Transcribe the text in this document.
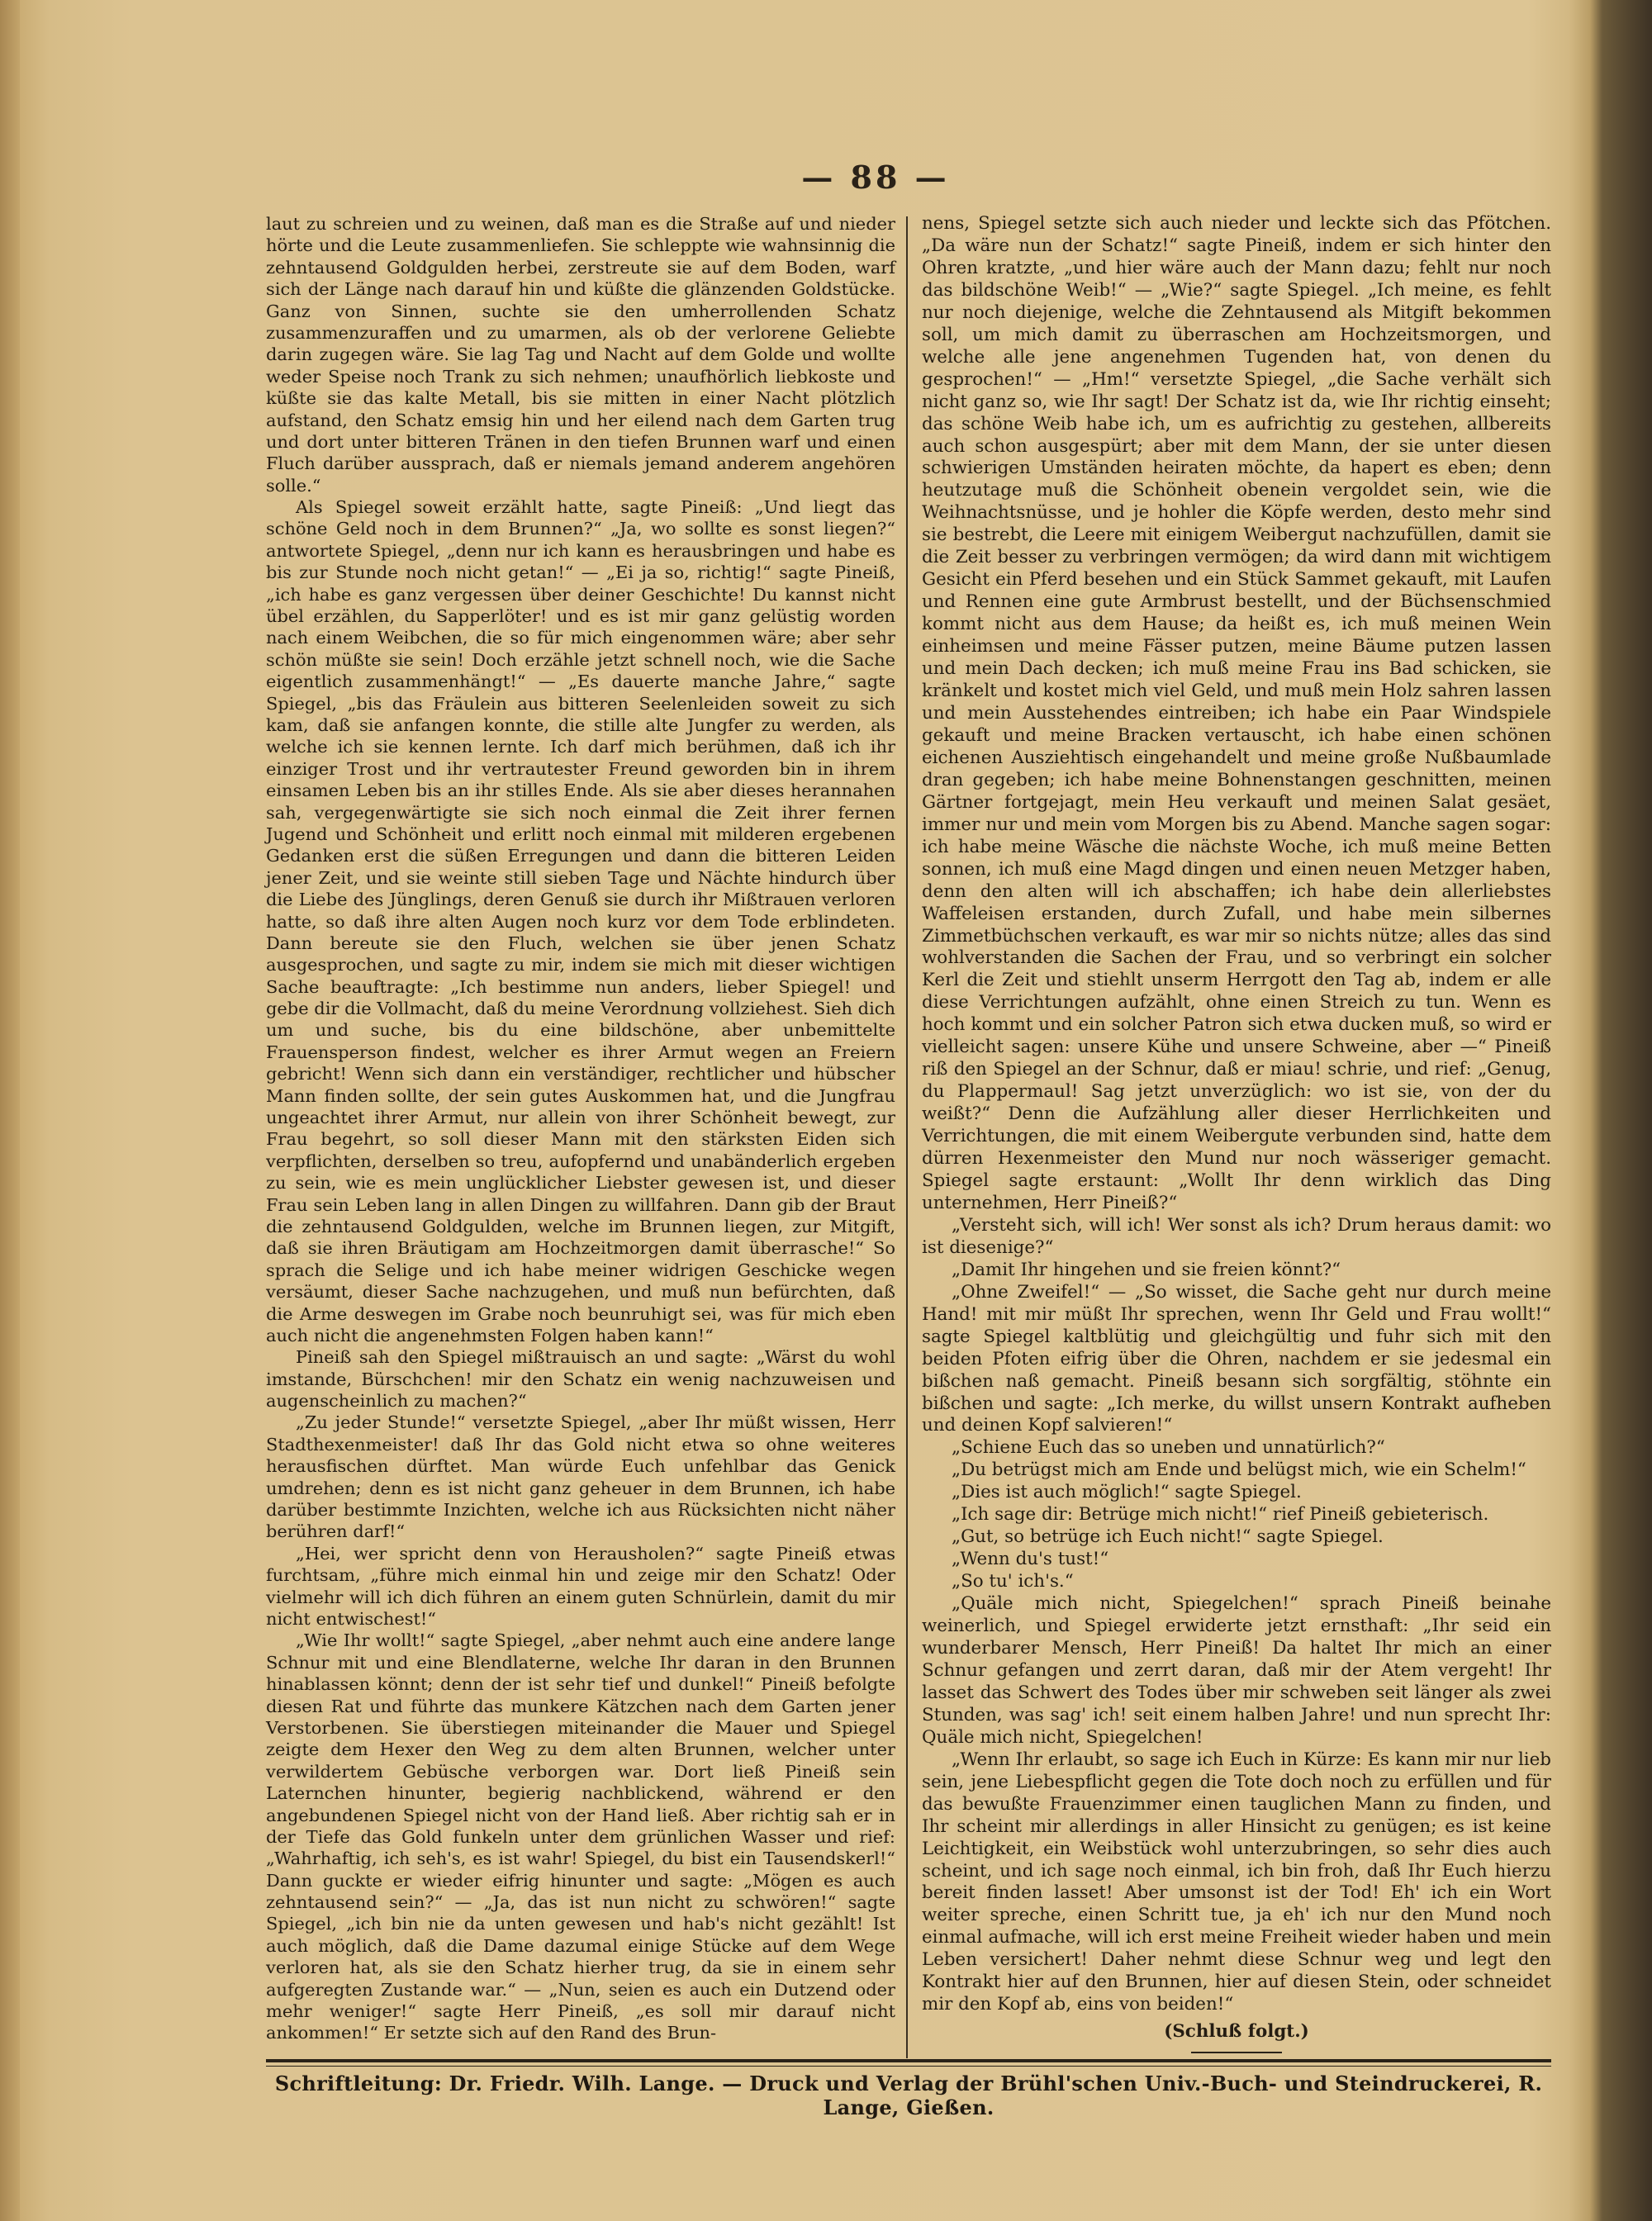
— 88 —

laut zu schreien und zu weinen, daß man es die Straße auf und nieder hörte und die Leute zusammenliefen. Sie schleppte wie wahnsinnig die zehntausend Goldgulden herbei, zerstreute sie auf dem Boden, warf sich der Länge nach darauf hin und küßte die glänzenden Goldstücke. Ganz von Sinnen, suchte sie den umherrollenden Schatz zusammenzuraffen und zu umarmen, als ob der verlorene Geliebte darin zugegen wäre. Sie lag Tag und Nacht auf dem Golde und wollte weder Speise noch Trank zu sich nehmen; unaufhörlich liebkoste und küßte sie das kalte Metall, bis sie mitten in einer Nacht plötzlich aufstand, den Schatz emsig hin und her eilend nach dem Garten trug und dort unter bitteren Tränen in den tiefen Brunnen warf und einen Fluch darüber aussprach, daß er niemals jemand anderem angehören solle.“

Als Spiegel soweit erzählt hatte, sagte Pineiß: „Und liegt das schöne Geld noch in dem Brunnen?“ „Ja, wo sollte es sonst liegen?“ antwortete Spiegel, „denn nur ich kann es herausbringen und habe es bis zur Stunde noch nicht getan!“ — „Ei ja so, richtig!“ sagte Pineiß, „ich habe es ganz vergessen über deiner Geschichte! Du kannst nicht übel erzählen, du Sapperlöter! und es ist mir ganz gelüstig worden nach einem Weibchen, die so für mich eingenommen wäre; aber sehr schön müßte sie sein! Doch erzähle jetzt schnell noch, wie die Sache eigentlich zusammenhängt!“ — „Es dauerte manche Jahre,“ sagte Spiegel, „bis das Fräulein aus bitteren Seelenleiden soweit zu sich kam, daß sie anfangen konnte, die stille alte Jungfer zu werden, als welche ich sie kennen lernte. Ich darf mich berühmen, daß ich ihr einziger Trost und ihr vertrautester Freund geworden bin in ihrem einsamen Leben bis an ihr stilles Ende. Als sie aber dieses herannahen sah, vergegenwärtigte sie sich noch einmal die Zeit ihrer fernen Jugend und Schönheit und erlitt noch einmal mit milderen ergebenen Gedanken erst die süßen Erregungen und dann die bitteren Leiden jener Zeit, und sie weinte still sieben Tage und Nächte hindurch über die Liebe des Jünglings, deren Genuß sie durch ihr Mißtrauen verloren hatte, so daß ihre alten Augen noch kurz vor dem Tode erblindeten. Dann bereute sie den Fluch, welchen sie über jenen Schatz ausgesprochen, und sagte zu mir, indem sie mich mit dieser wichtigen Sache beauftragte: „Ich bestimme nun anders, lieber Spiegel! und gebe dir die Vollmacht, daß du meine Verordnung vollziehest. Sieh dich um und suche, bis du eine bildschöne, aber unbemittelte Frauensperson findest, welcher es ihrer Armut wegen an Freiern gebricht! Wenn sich dann ein verständiger, rechtlicher und hübscher Mann finden sollte, der sein gutes Auskommen hat, und die Jungfrau ungeachtet ihrer Armut, nur allein von ihrer Schönheit bewegt, zur Frau begehrt, so soll dieser Mann mit den stärksten Eiden sich verpflichten, derselben so treu, aufopfernd und unabänderlich ergeben zu sein, wie es mein unglücklicher Liebster gewesen ist, und dieser Frau sein Leben lang in allen Dingen zu willfahren. Dann gib der Braut die zehntausend Goldgulden, welche im Brunnen liegen, zur Mitgift, daß sie ihren Bräutigam am Hochzeitmorgen damit überrasche!“ So sprach die Selige und ich habe meiner widrigen Geschicke wegen versäumt, dieser Sache nachzugehen, und muß nun befürchten, daß die Arme deswegen im Grabe noch beunruhigt sei, was für mich eben auch nicht die angenehmsten Folgen haben kann!“

Pineiß sah den Spiegel mißtrauisch an und sagte: „Wärst du wohl imstande, Bürschchen! mir den Schatz ein wenig nachzuweisen und augenscheinlich zu machen?“

„Zu jeder Stunde!“ versetzte Spiegel, „aber Ihr müßt wissen, Herr Stadthexenmeister! daß Ihr das Gold nicht etwa so ohne weiteres herausfischen dürftet. Man würde Euch unfehlbar das Genick umdrehen; denn es ist nicht ganz geheuer in dem Brunnen, ich habe darüber bestimmte Inzichten, welche ich aus Rücksichten nicht näher berühren darf!“

„Hei, wer spricht denn von Herausholen?“ sagte Pineiß etwas furchtsam, „führe mich einmal hin und zeige mir den Schatz! Oder vielmehr will ich dich führen an einem guten Schnürlein, damit du mir nicht entwischest!“

„Wie Ihr wollt!“ sagte Spiegel, „aber nehmt auch eine andere lange Schnur mit und eine Blendlaterne, welche Ihr daran in den Brunnen hinablassen könnt; denn der ist sehr tief und dunkel!“ Pineiß befolgte diesen Rat und führte das munkere Kätzchen nach dem Garten jener Verstorbenen. Sie überstiegen miteinander die Mauer und Spiegel zeigte dem Hexer den Weg zu dem alten Brunnen, welcher unter verwildertem Gebüsche verborgen war. Dort ließ Pineiß sein Laternchen hinunter, begierig nachblickend, während er den angebundenen Spiegel nicht von der Hand ließ. Aber richtig sah er in der Tiefe das Gold funkeln unter dem grünlichen Wasser und rief: „Wahrhaftig, ich seh's, es ist wahr! Spiegel, du bist ein Tausendskerl!“ Dann guckte er wieder eifrig hinunter und sagte: „Mögen es auch zehntausend sein?“ — „Ja, das ist nun nicht zu schwören!“ sagte Spiegel, „ich bin nie da unten gewesen und hab's nicht gezählt! Ist auch möglich, daß die Dame dazumal einige Stücke auf dem Wege verloren hat, als sie den Schatz hierher trug, da sie in einem sehr aufgeregten Zustande war.“ — „Nun, seien es auch ein Dutzend oder mehr weniger!“ sagte Herr Pineiß, „es soll mir darauf nicht ankommen!“ Er setzte sich auf den Rand des Brun-

nens, Spiegel setzte sich auch nieder und leckte sich das Pfötchen. „Da wäre nun der Schatz!“ sagte Pineiß, indem er sich hinter den Ohren kratzte, „und hier wäre auch der Mann dazu; fehlt nur noch das bildschöne Weib!“ — „Wie?“ sagte Spiegel. „Ich meine, es fehlt nur noch diejenige, welche die Zehntausend als Mitgift bekommen soll, um mich damit zu überraschen am Hochzeitsmorgen, und welche alle jene angenehmen Tugenden hat, von denen du gesprochen!“ — „Hm!“ versetzte Spiegel, „die Sache verhält sich nicht ganz so, wie Ihr sagt! Der Schatz ist da, wie Ihr richtig einseht; das schöne Weib habe ich, um es aufrichtig zu gestehen, allbereits auch schon ausgespürt; aber mit dem Mann, der sie unter diesen schwierigen Umständen heiraten möchte, da hapert es eben; denn heutzutage muß die Schönheit obenein vergoldet sein, wie die Weihnachtsnüsse, und je hohler die Köpfe werden, desto mehr sind sie bestrebt, die Leere mit einigem Weibergut nachzufüllen, damit sie die Zeit besser zu verbringen vermögen; da wird dann mit wichtigem Gesicht ein Pferd besehen und ein Stück Sammet gekauft, mit Laufen und Rennen eine gute Armbrust bestellt, und der Büchsenschmied kommt nicht aus dem Hause; da heißt es, ich muß meinen Wein einheimsen und meine Fässer putzen, meine Bäume putzen lassen und mein Dach decken; ich muß meine Frau ins Bad schicken, sie kränkelt und kostet mich viel Geld, und muß mein Holz sahren lassen und mein Ausstehendes eintreiben; ich habe ein Paar Windspiele gekauft und meine Bracken vertauscht, ich habe einen schönen eichenen Ausziehtisch eingehandelt und meine große Nußbaumlade dran gegeben; ich habe meine Bohnenstangen geschnitten, meinen Gärtner fortgejagt, mein Heu verkauft und meinen Salat gesäet, immer nur und mein vom Morgen bis zu Abend. Manche sagen sogar: ich habe meine Wäsche die nächste Woche, ich muß meine Betten sonnen, ich muß eine Magd dingen und einen neuen Metzger haben, denn den alten will ich abschaffen; ich habe dein allerliebstes Waffeleisen erstanden, durch Zufall, und habe mein silbernes Zimmetbüchschen verkauft, es war mir so nichts nütze; alles das sind wohlverstanden die Sachen der Frau, und so verbringt ein solcher Kerl die Zeit und stiehlt unserm Herrgott den Tag ab, indem er alle diese Verrichtungen aufzählt, ohne einen Streich zu tun. Wenn es hoch kommt und ein solcher Patron sich etwa ducken muß, so wird er vielleicht sagen: unsere Kühe und unsere Schweine, aber —“ Pineiß riß den Spiegel an der Schnur, daß er miau! schrie, und rief: „Genug, du Plappermaul! Sag jetzt unverzüglich: wo ist sie, von der du weißt?“ Denn die Aufzählung aller dieser Herrlichkeiten und Verrichtungen, die mit einem Weibergute verbunden sind, hatte dem dürren Hexenmeister den Mund nur noch wässeriger gemacht. Spiegel sagte erstaunt: „Wollt Ihr denn wirklich das Ding unternehmen, Herr Pineiß?“

„Versteht sich, will ich! Wer sonst als ich? Drum heraus damit: wo ist diesenige?“

„Damit Ihr hingehen und sie freien könnt?“

„Ohne Zweifel!“ — „So wisset, die Sache geht nur durch meine Hand! mit mir müßt Ihr sprechen, wenn Ihr Geld und Frau wollt!“ sagte Spiegel kaltblütig und gleichgültig und fuhr sich mit den beiden Pfoten eifrig über die Ohren, nachdem er sie jedesmal ein bißchen naß gemacht. Pineiß besann sich sorgfältig, stöhnte ein bißchen und sagte: „Ich merke, du willst unsern Kontrakt aufheben und deinen Kopf salvieren!“

„Schiene Euch das so uneben und unnatürlich?“

„Du betrügst mich am Ende und belügst mich, wie ein Schelm!“

„Dies ist auch möglich!“ sagte Spiegel.

„Ich sage dir: Betrüge mich nicht!“ rief Pineiß gebieterisch.

„Gut, so betrüge ich Euch nicht!“ sagte Spiegel.

„Wenn du's tust!“

„So tu' ich's.“

„Quäle mich nicht, Spiegelchen!“ sprach Pineiß beinahe weinerlich, und Spiegel erwiderte jetzt ernsthaft: „Ihr seid ein wunderbarer Mensch, Herr Pineiß! Da haltet Ihr mich an einer Schnur gefangen und zerrt daran, daß mir der Atem vergeht! Ihr lasset das Schwert des Todes über mir schweben seit länger als zwei Stunden, was sag' ich! seit einem halben Jahre! und nun sprecht Ihr: Quäle mich nicht, Spiegelchen!

„Wenn Ihr erlaubt, so sage ich Euch in Kürze: Es kann mir nur lieb sein, jene Liebespflicht gegen die Tote doch noch zu erfüllen und für das bewußte Frauenzimmer einen tauglichen Mann zu finden, und Ihr scheint mir allerdings in aller Hinsicht zu genügen; es ist keine Leichtigkeit, ein Weibstück wohl unterzubringen, so sehr dies auch scheint, und ich sage noch einmal, ich bin froh, daß Ihr Euch hierzu bereit finden lasset! Aber umsonst ist der Tod! Eh' ich ein Wort weiter spreche, einen Schritt tue, ja eh' ich nur den Mund noch einmal aufmache, will ich erst meine Freiheit wieder haben und mein Leben versichert! Daher nehmt diese Schnur weg und legt den Kontrakt hier auf den Brunnen, hier auf diesen Stein, oder schneidet mir den Kopf ab, eins von beiden!“

(Schluß folgt.)

Schriftleitung: Dr. Friedr. Wilh. Lange. — Druck und Verlag der Brühl'schen Univ.-Buch- und Steindruckerei, R. Lange, Gießen.
